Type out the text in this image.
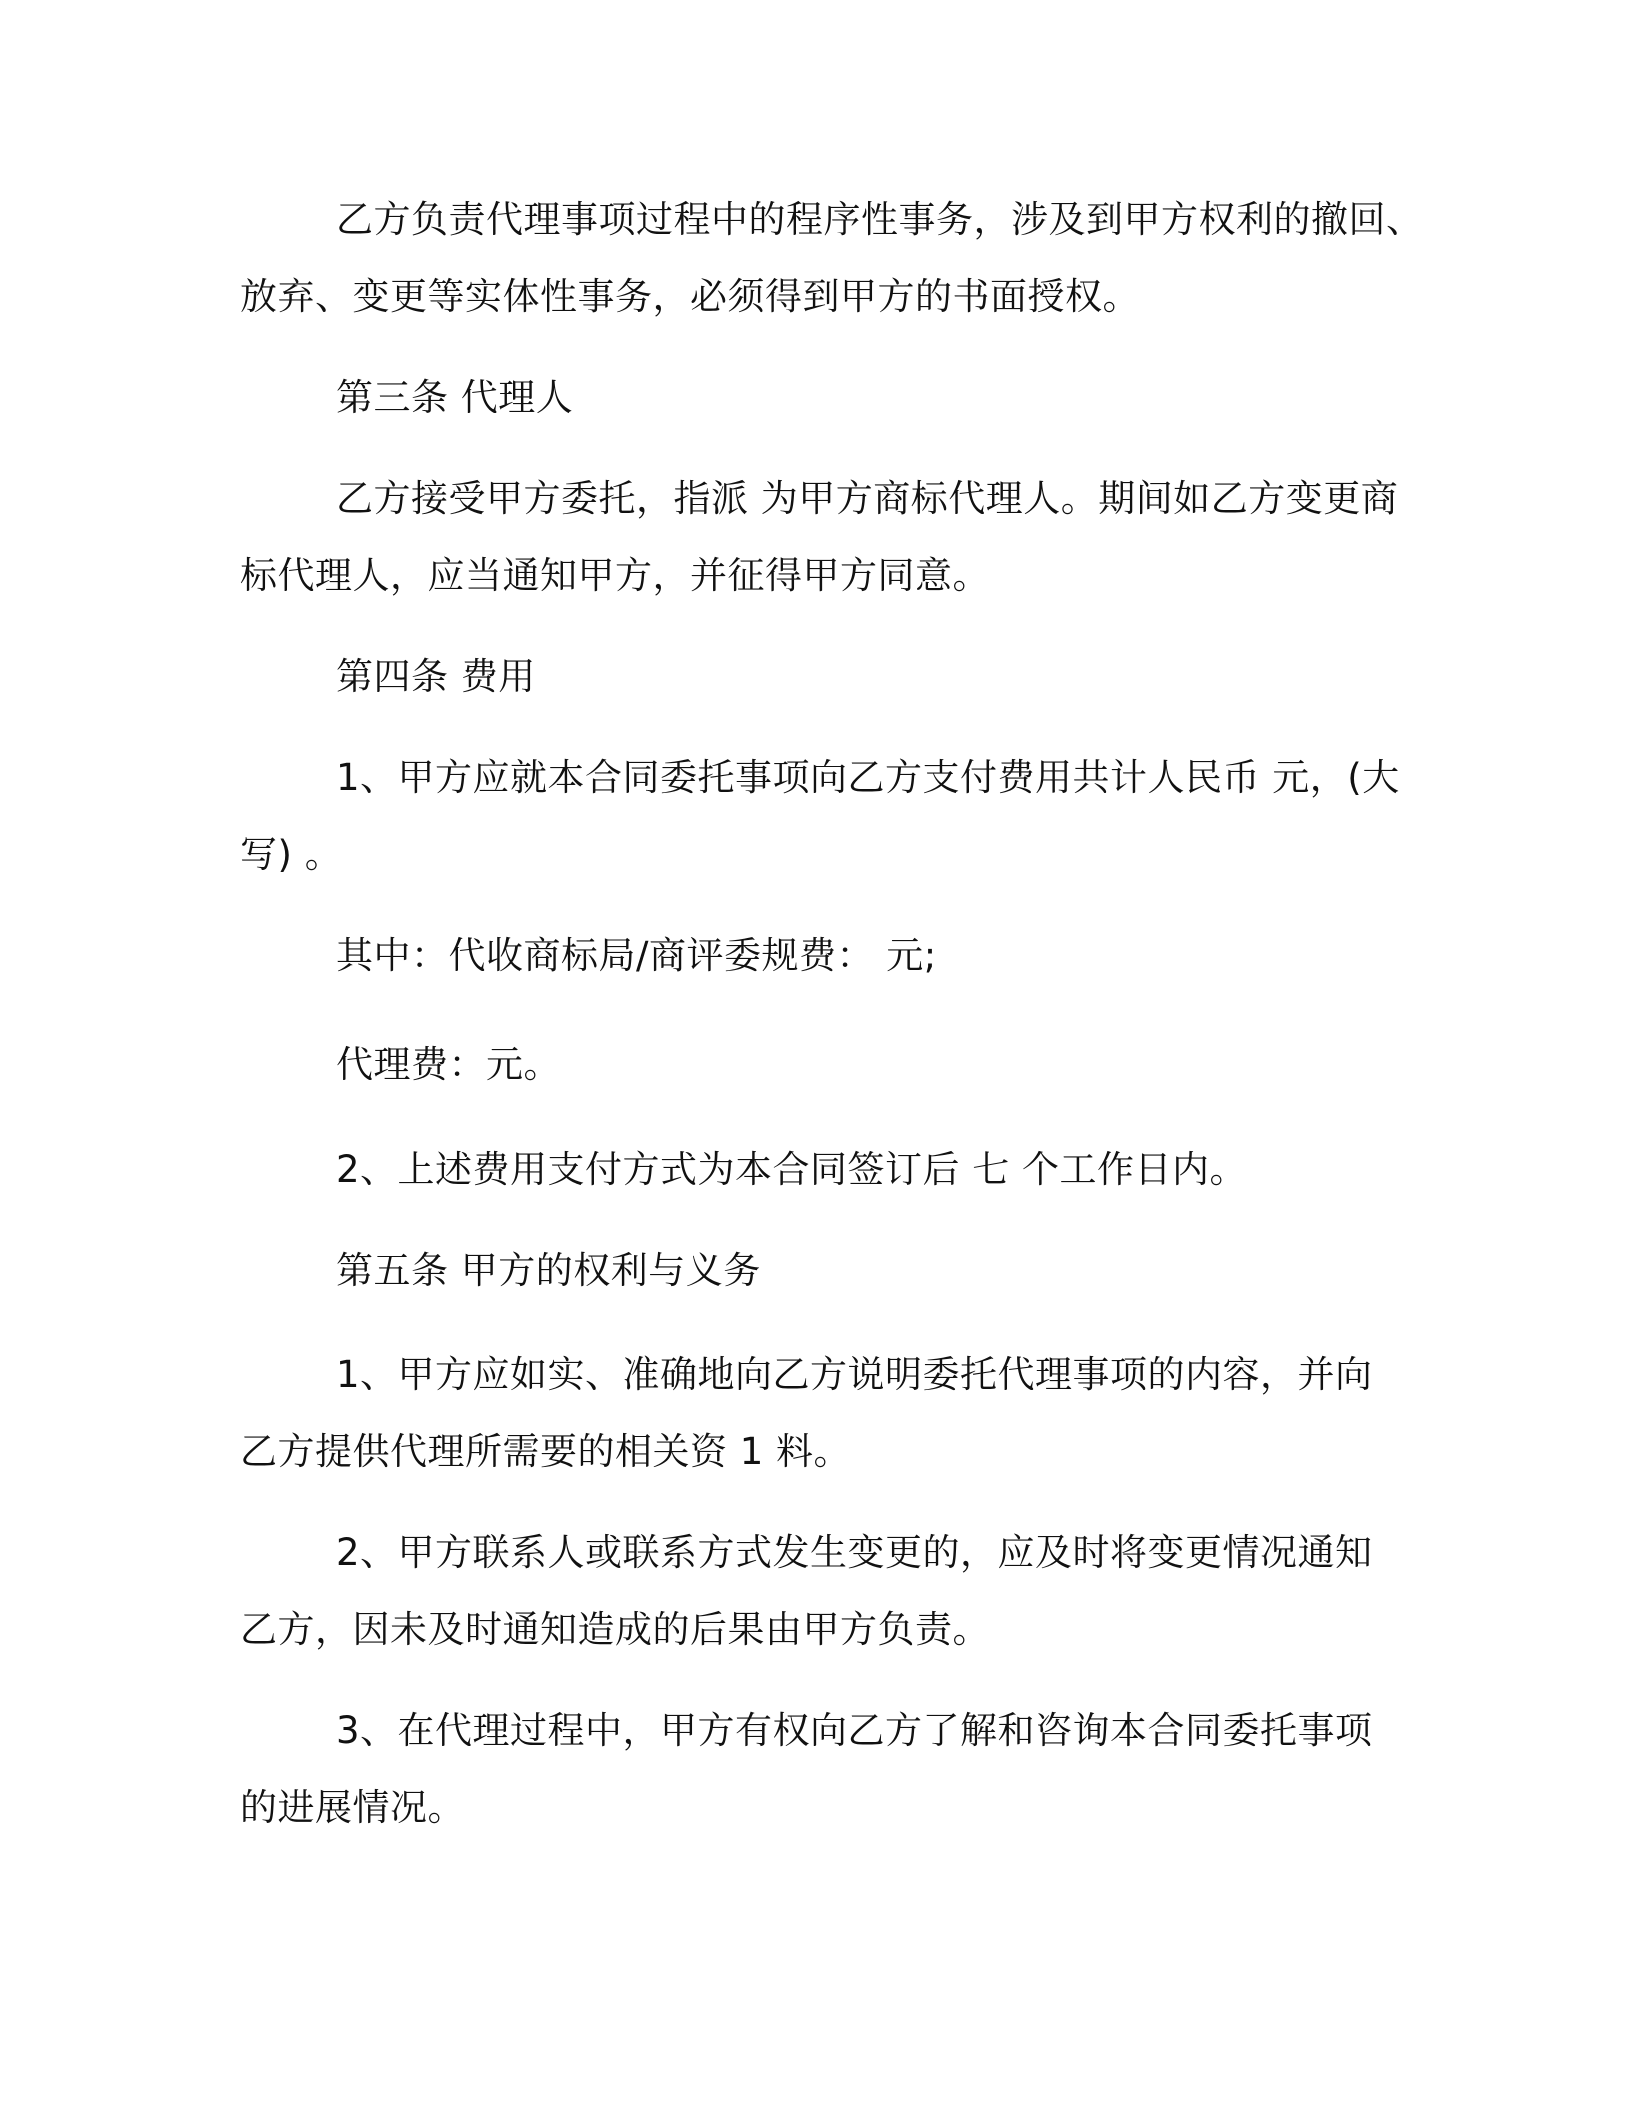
乙方负责代理事项过程中的程序性事务，涉及到甲方权利的撤回、
放弃、变更等实体性事务，必须得到甲方的书面授权。
第三条 代理人
乙方接受甲方委托，指派 为甲方商标代理人。期间如乙方变更商
标代理人，应当通知甲方，并征得甲方同意。
第四条 费用
1、甲方应就本合同委托事项向乙方支付费用共计人民币 元，(大
写) 。
其中：代收商标局/商评委规费： 元;
代理费：元。
2、上述费用支付方式为本合同签订后 七 个工作日内。
第五条 甲方的权利与义务
1、甲方应如实、准确地向乙方说明委托代理事项的内容，并向
乙方提供代理所需要的相关资 1 料。
2、甲方联系人或联系方式发生变更的，应及时将变更情况通知
乙方，因未及时通知造成的后果由甲方负责。
3、在代理过程中，甲方有权向乙方了解和咨询本合同委托事项
的进展情况。
